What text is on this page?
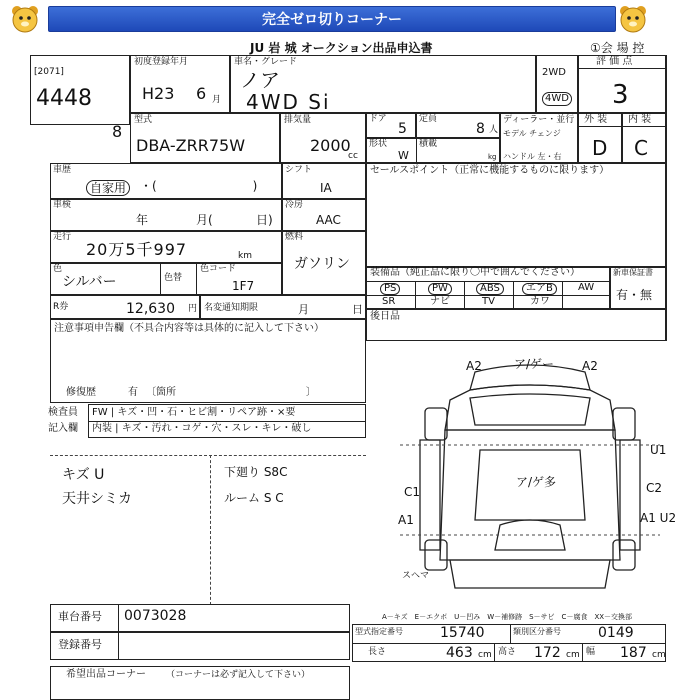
完全ゼロ切りコーナー
JU 岩 城 オークション出品申込書	①会 場 控
[2071]
4448
8
初度登録年月
H23 6 月
車名・グレード
ノア
4WD Si
2WD
4WD
評 価 点
3
型式
DBA-ZRR75W
排気量
2000
cc
ドア
5
定員
8 人
ディーラー・並行
モデル チェンジ
形状
W
積載
kg ハンドル 左・右
外 装
D
内 装
C
車歴
自家用	・(　　　　　　　　)
シフト
IA
車検
年	月(	日)
冷房
AAC
走行
20万5千997	km
燃料
ガソリン
色
シルバー	色替
色コード
1F7
R券	12,630 円 名変通知期限	月	日
セールスポイント（正常に機能するものに限ります）
装備品（純正品に限り〇中で囲んでください）
PS	PW	ABS	エアB	AW
SR	ナビ	TV	カワ
新車保証書
有・無
後日品
注意事項申告欄（不具合内容等は具体的に記入して下さい）
修復歴	有 〔箇所　　　　　　　　　　　　　〕
検査員
記入欄
FW | キズ・凹・石・ヒビ割・リペア跡・×要
内装 | キズ・汚れ・コゲ・穴・スレ・キレ・破し
キズ U
天井シミカ
下廻り S8C
ルーム S C
A2	ア/ゲー A2
U1
ア/ゲ多
C1	C2
A1	A1 U2
スヘマ
A－キズ　E－エクボ　U－凹み　W－補修跡　S－サビ　C－腐食　XX－交換部
車台番号 0073028
登録番号
希望出品コーナー （コーナーは必ず記入して下さい）
型式指定番号	15740	類別区分番号	0149
長さ	463 cm 高さ 172 cm 幅 187 cm
